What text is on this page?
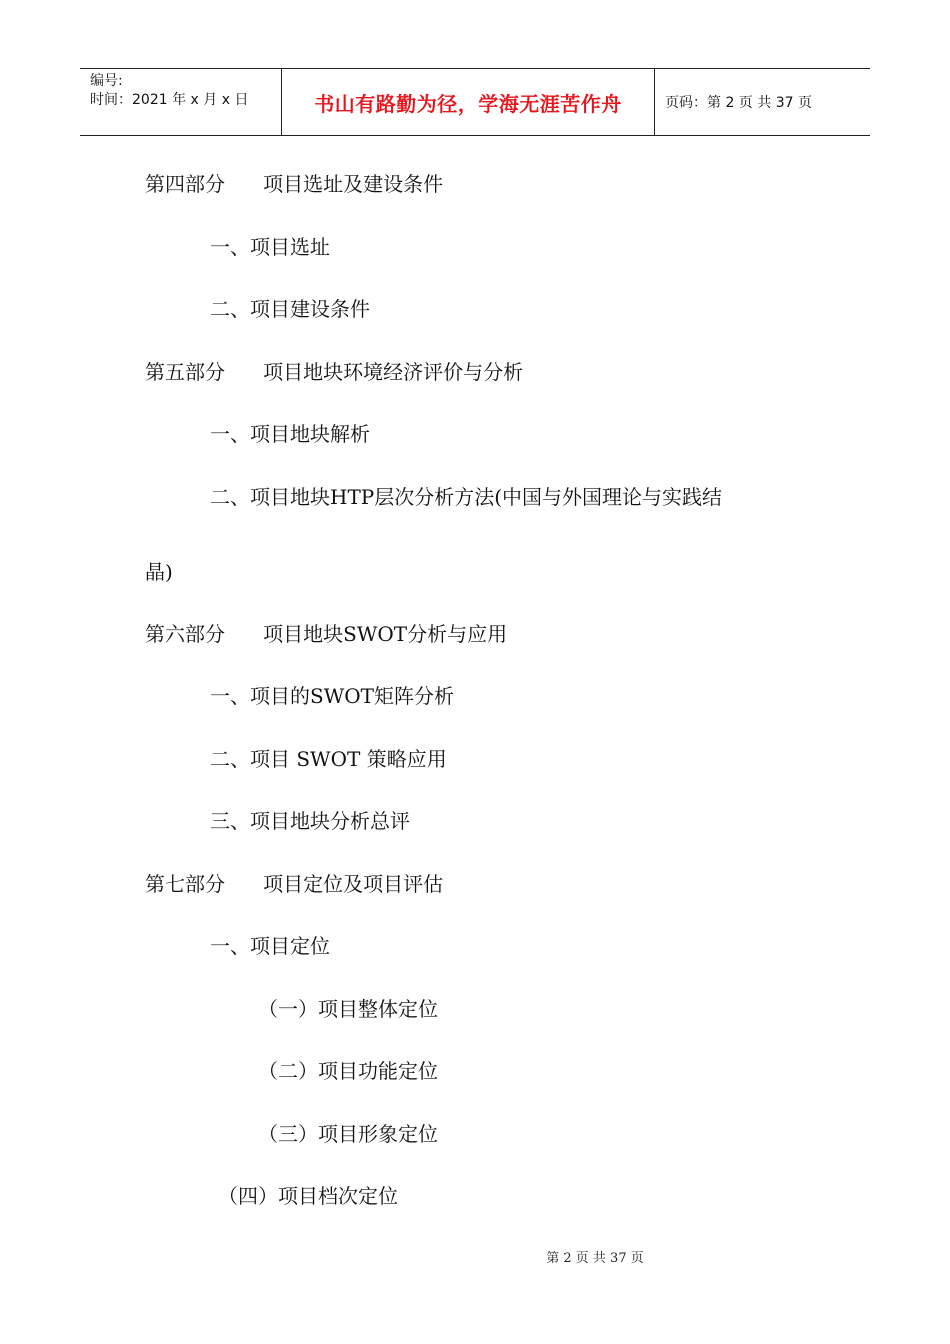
编号:
时间：2021 年 x 月 x 日	书山有路勤为径，学海无涯苦作舟	页码：第 2 页 共 37 页
第四部分      项目选址及建设条件
一、项目选址
二、项目建设条件
第五部分      项目地块环境经济评价与分析
一、项目地块解析
二、项目地块HTP层次分析方法(中国与外国理论与实践结
晶)
第六部分      项目地块SWOT分析与应用
一、项目的SWOT矩阵分析
二、项目 SWOT 策略应用
三、项目地块分析总评
第七部分      项目定位及项目评估
一、项目定位
（一）项目整体定位
（二）项目功能定位
（三）项目形象定位
（四）项目档次定位
第 2 页 共 37 页
